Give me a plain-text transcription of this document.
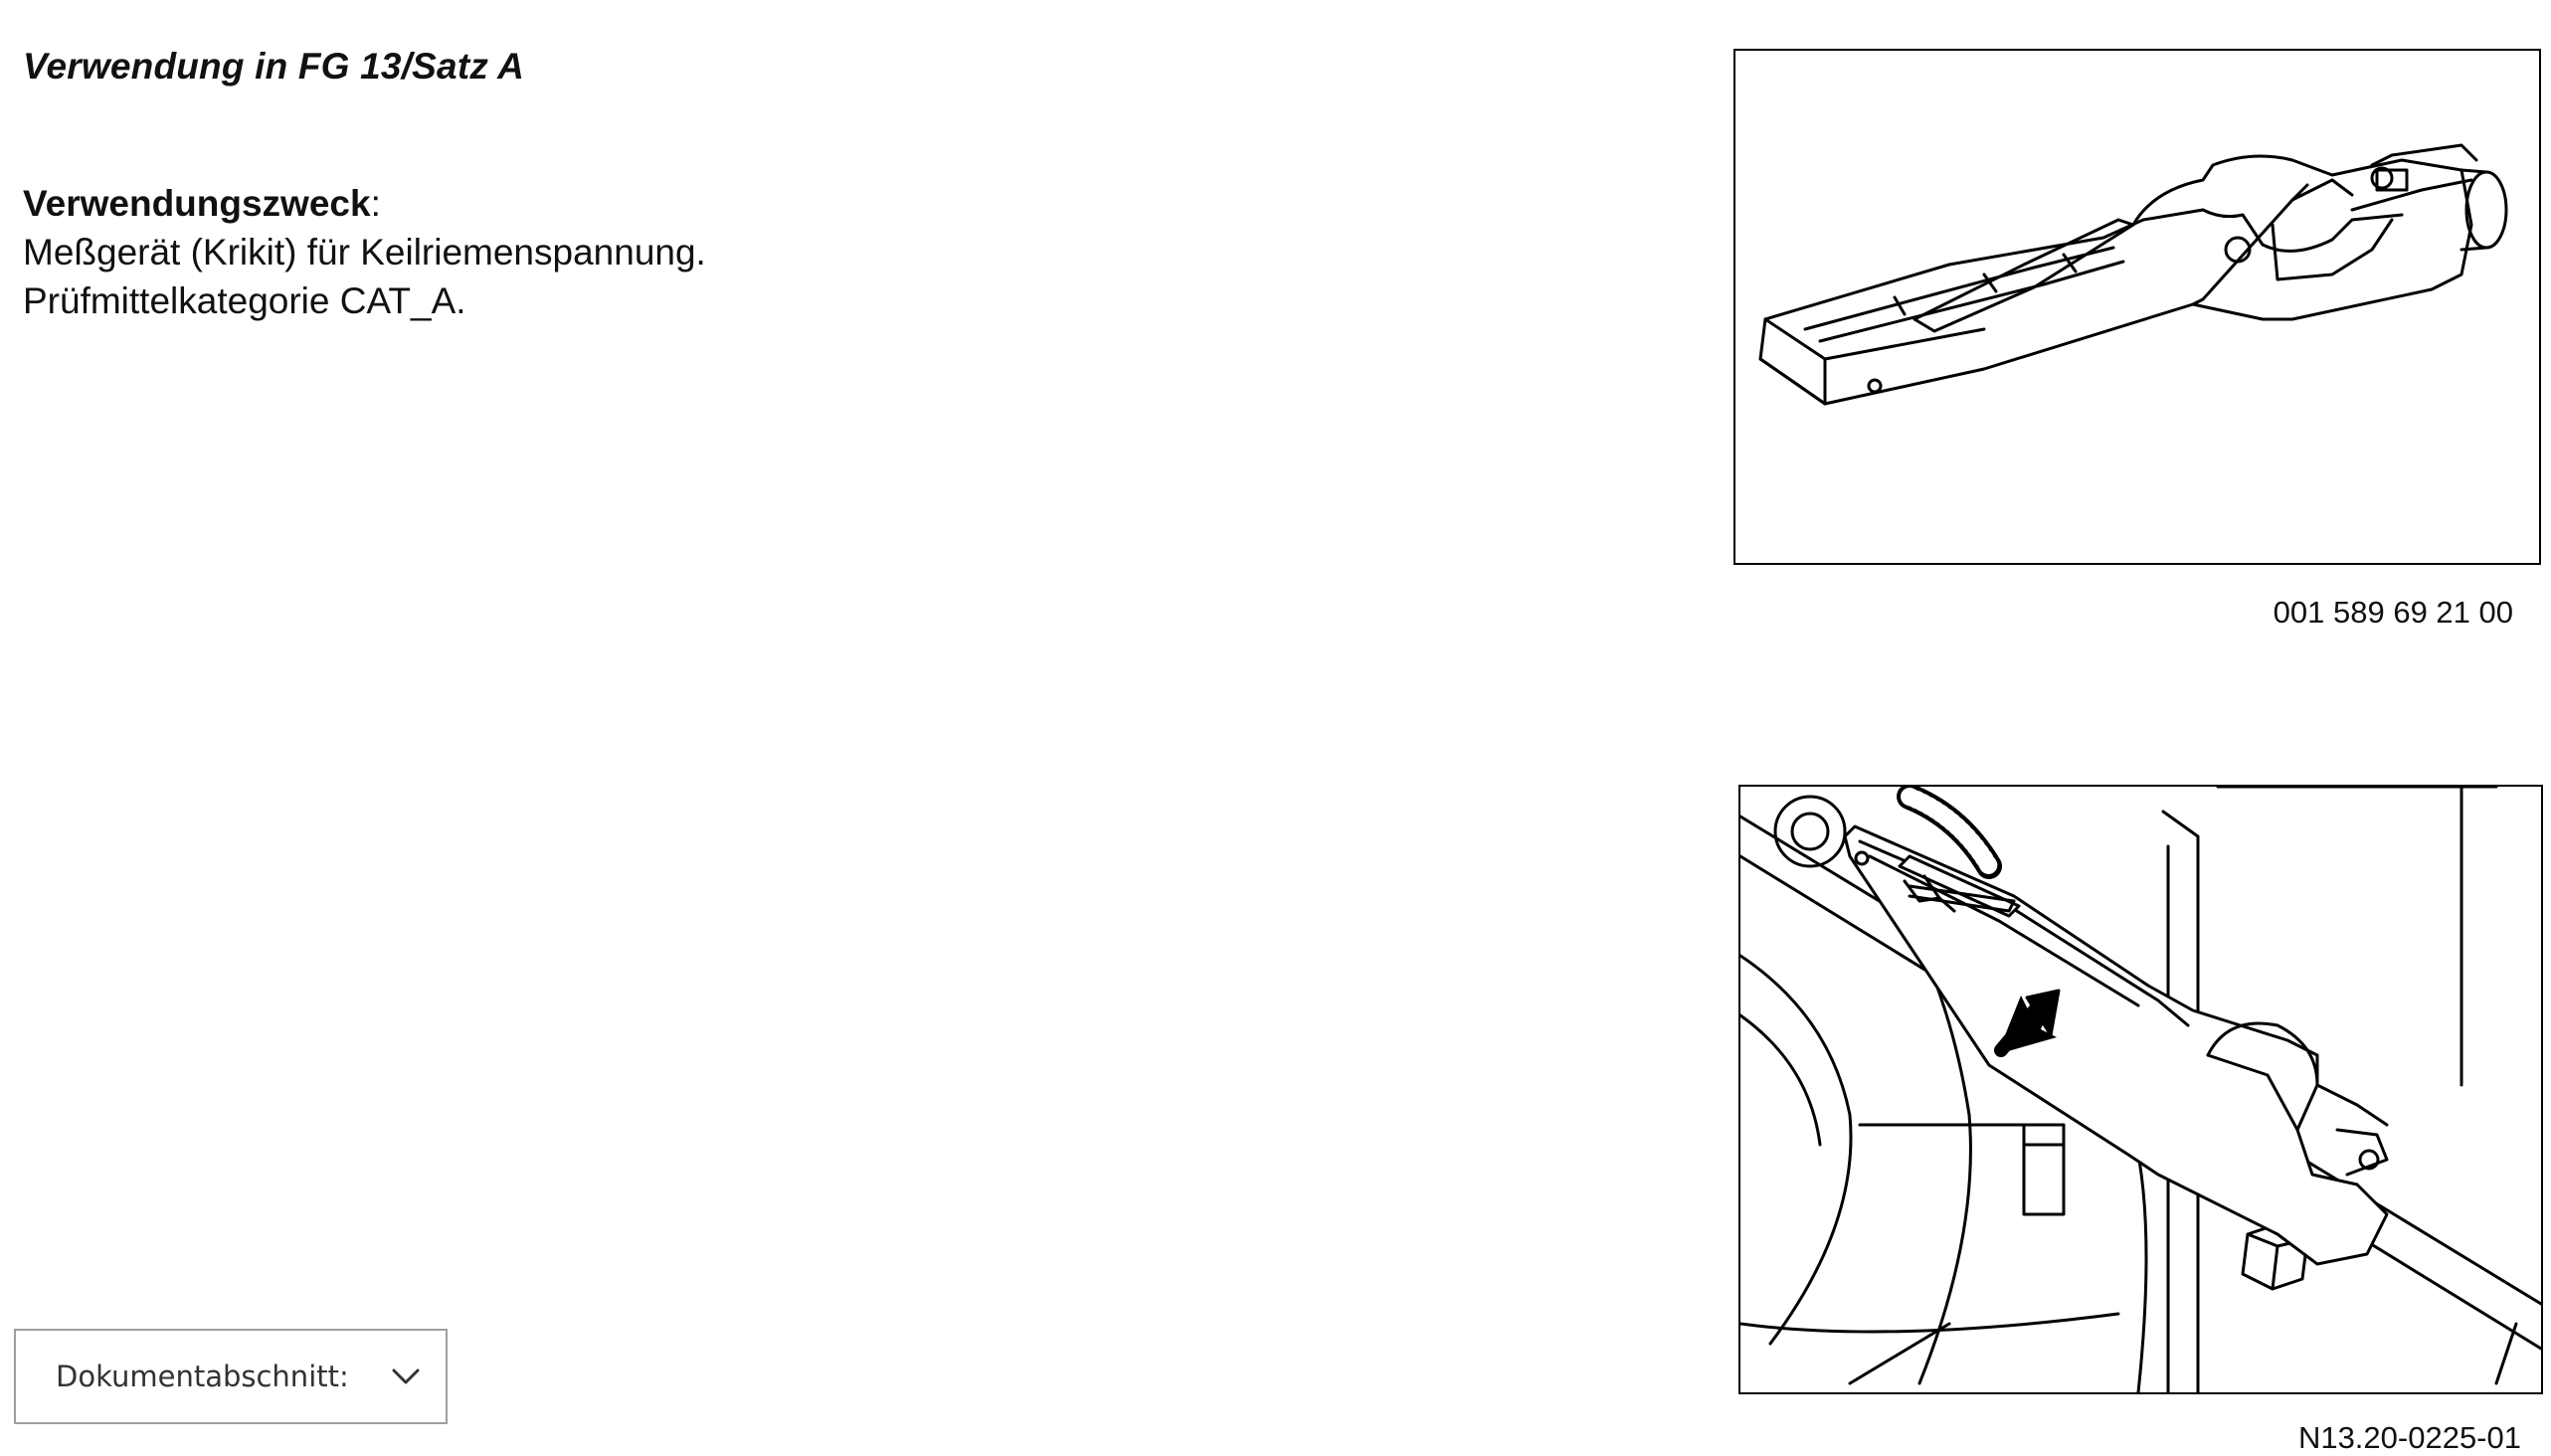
Verwendung in FG 13/Satz A
Verwendungszweck:
Meßgerät (Krikit) für Keilriemenspannung.
Prüfmittelkategorie CAT_A.
001 589 69 21 00
N13.20-0225-01
Dokumentabschnitt:
